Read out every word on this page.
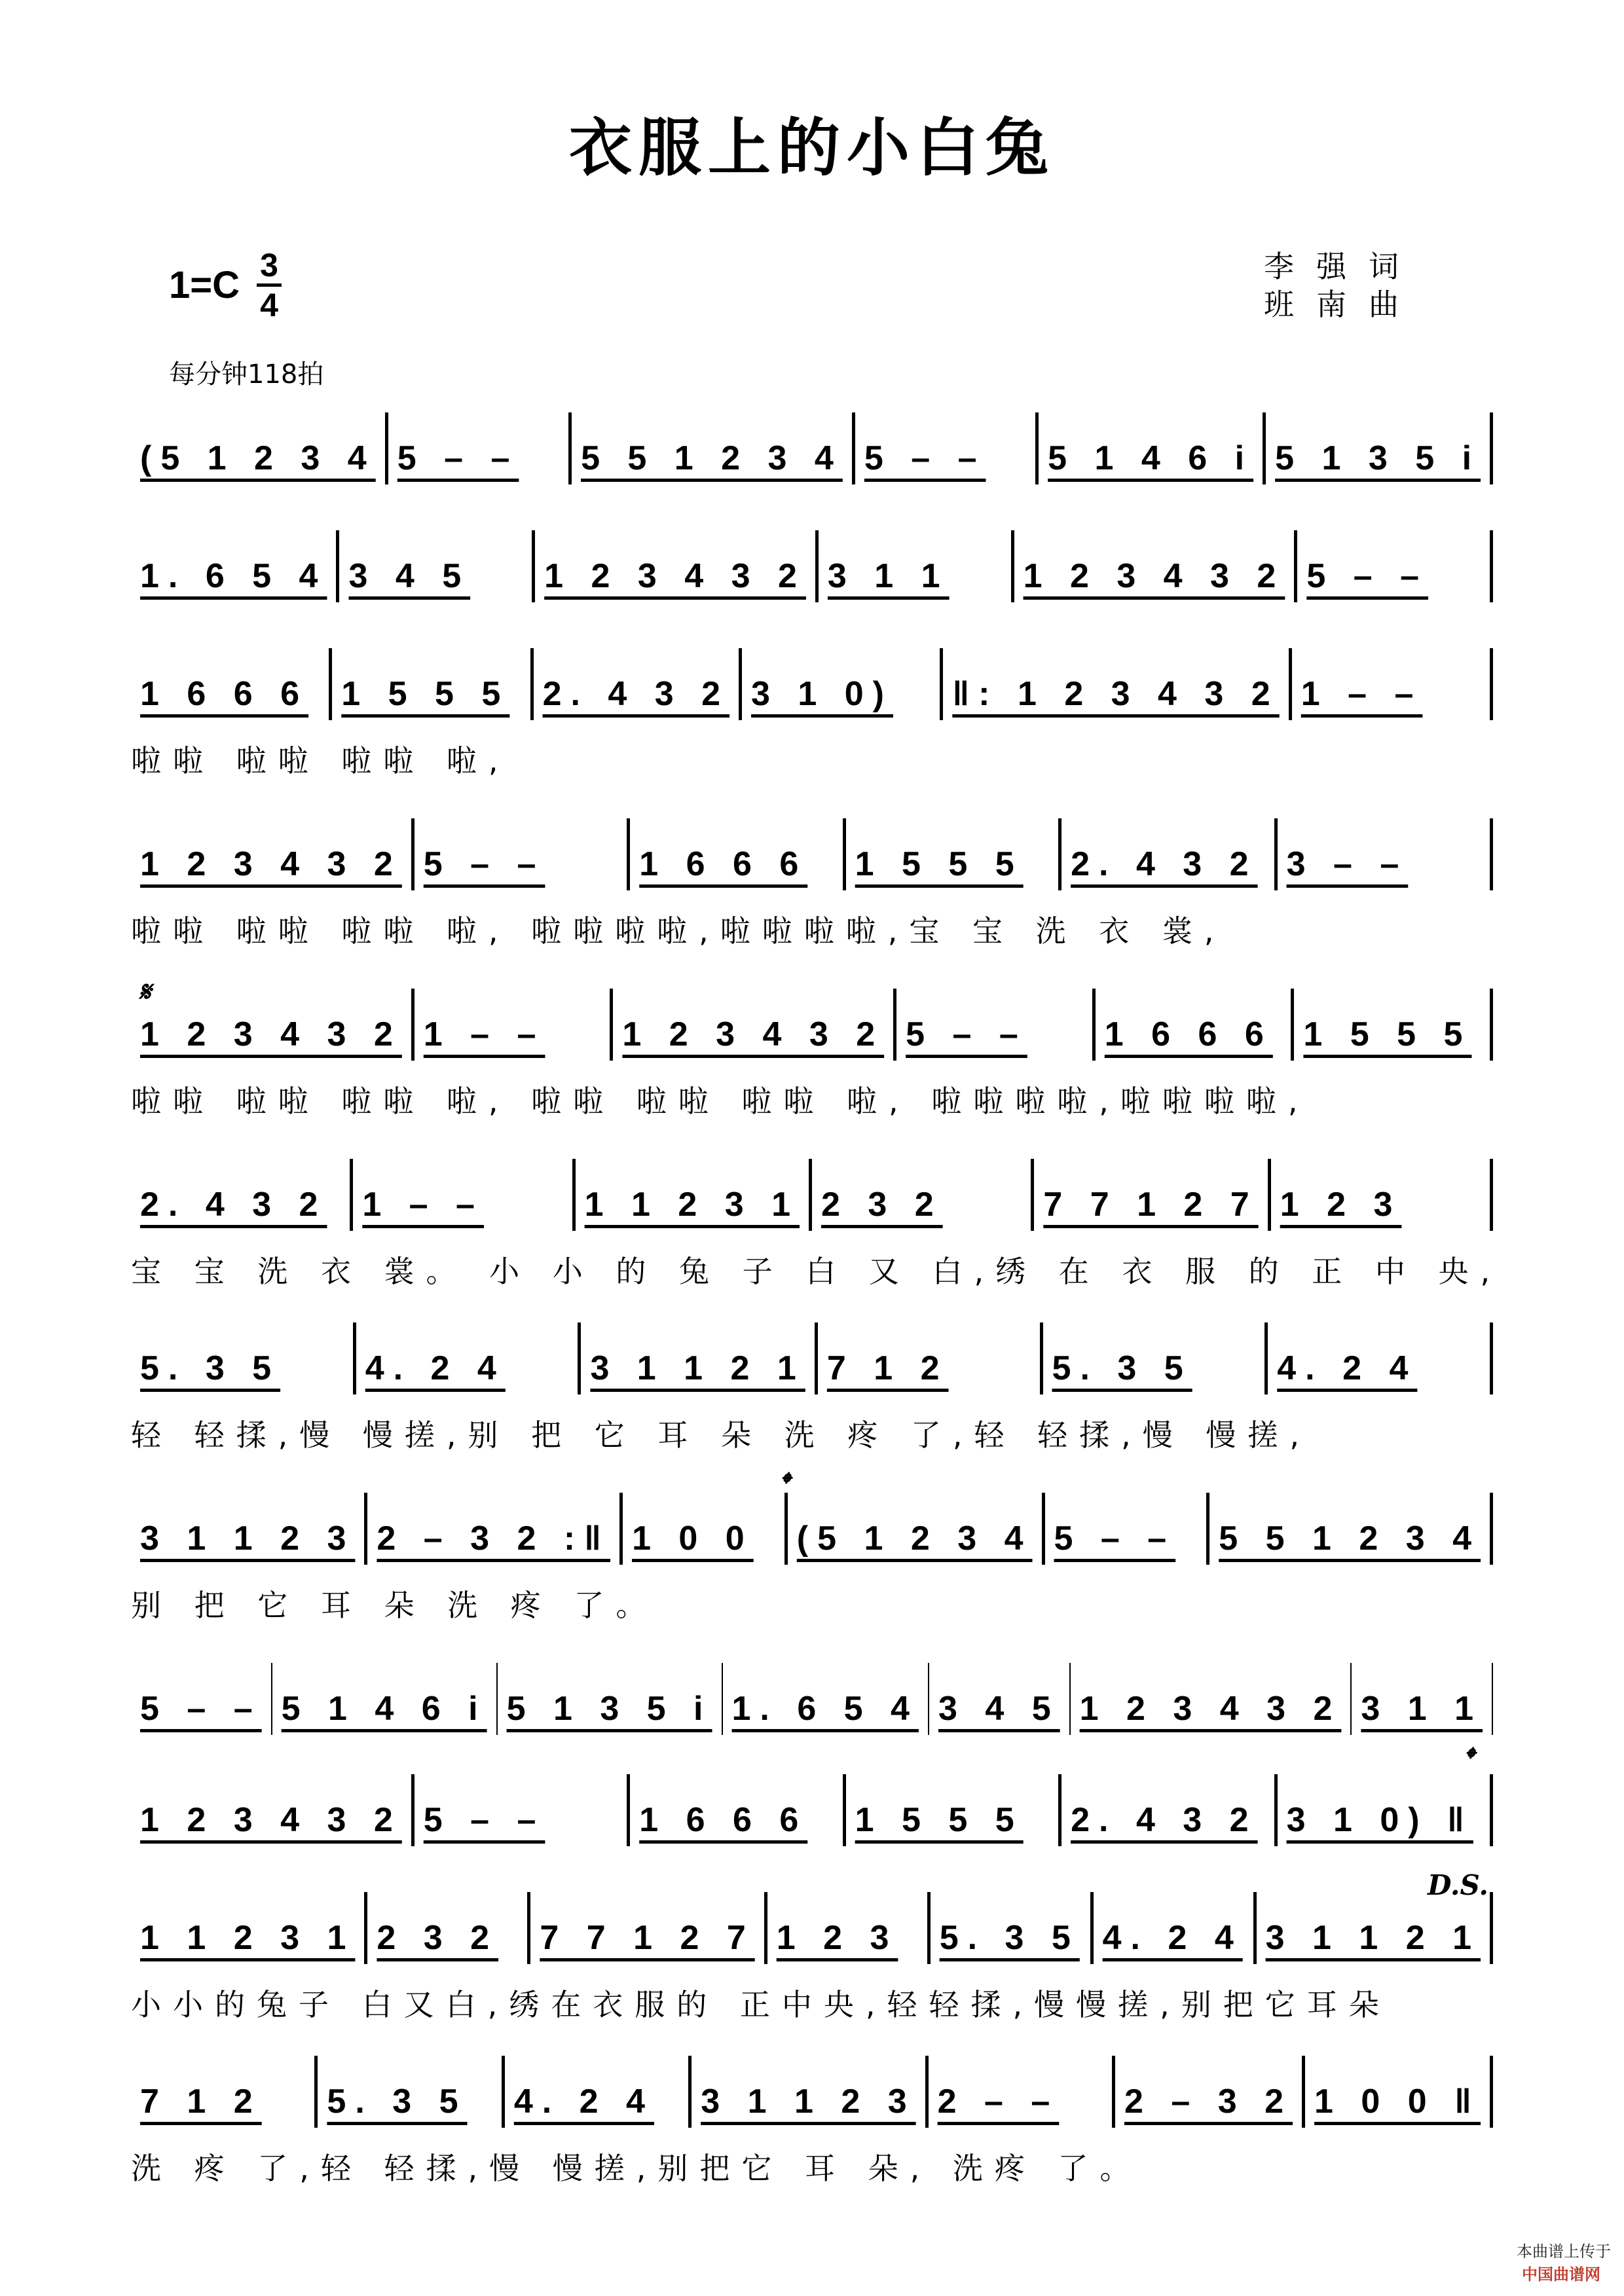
衣服上的小白兔
1=C 3
4
李强词
班南曲
每分钟118拍
(5 1 2 3 4 5 – –	5 5 1 2 3 4 5 – –	5 1 4 6 i 5 1 3 5 i
1. 6 5 4 3 4 5	1 2 3 4 3 2 3 1 1	1 2 3 4 3 2 5 – –
1 6 6 6 1 5 5 5 2. 4 3 2 3 1 0)	‖: 1 2 3 4 3 2 1 – –
啦啦 啦啦 啦啦 啦,
1 2 3 4 3 2 5 – –	1 6 6 6	1 5 5 5	2. 4 3 2 3 – –
啦啦 啦啦 啦啦 啦, 啦啦啦啦,啦啦啦啦,宝 宝 洗 衣 裳,
1 2 3 4 3 2 1 – –	1 2 3 4 3 2 5 – –	1 6 6 6 1 5 5 5
啦啦 啦啦 啦啦 啦, 啦啦 啦啦 啦啦 啦, 啦啦啦啦,啦啦啦啦,
2. 4 3 2	1 – –	1 1 2 3 1 2 3 2	7 7 1 2 7 1 2 3
宝 宝 洗 衣 裳。 小 小 的 兔 子 白 又 白,绣 在 衣 服 的 正 中 央,
5. 3 5	4. 2 4	3 1 1 2 1 7 1 2	5. 3 5	4. 2 4
轻 轻揉,慢 慢搓,别 把 它 耳 朵 洗 疼 了,轻 轻揉,慢 慢搓,
3 1 1 2 3 2 – 3 2 :‖ 1 0 0	(5 1 2 3 4 5 – –	5 5 1 2 3 4
别 把 它 耳 朵 洗 疼 了。
5 – – 5 1 4 6 i 5 1 3 5 i 1. 6 5 4 3 4 5 1 2 3 4 3 2 3 1 1
1 2 3 4 3 2 5 – –	1 6 6 6	1 5 5 5	2. 4 3 2 3 1 0) ‖
1 1 2 3 1 2 3 2	7 7 1 2 7 1 2 3	5. 3 5 4. 2 4 3 1 1 2 1
小小的兔子 白又白,绣在衣服的 正中央,轻轻揉,慢慢搓,别把它耳朵
7 1 2	5. 3 5	4. 2 4	3 1 1 2 3 2 – –	2 – 3 2 1 0 0 ‖
洗 疼 了,轻 轻揉,慢 慢搓,别把它 耳 朵, 洗疼 了。
𝄋
𝄌
𝄌
D.S.
本曲谱上传于
中国曲谱网
